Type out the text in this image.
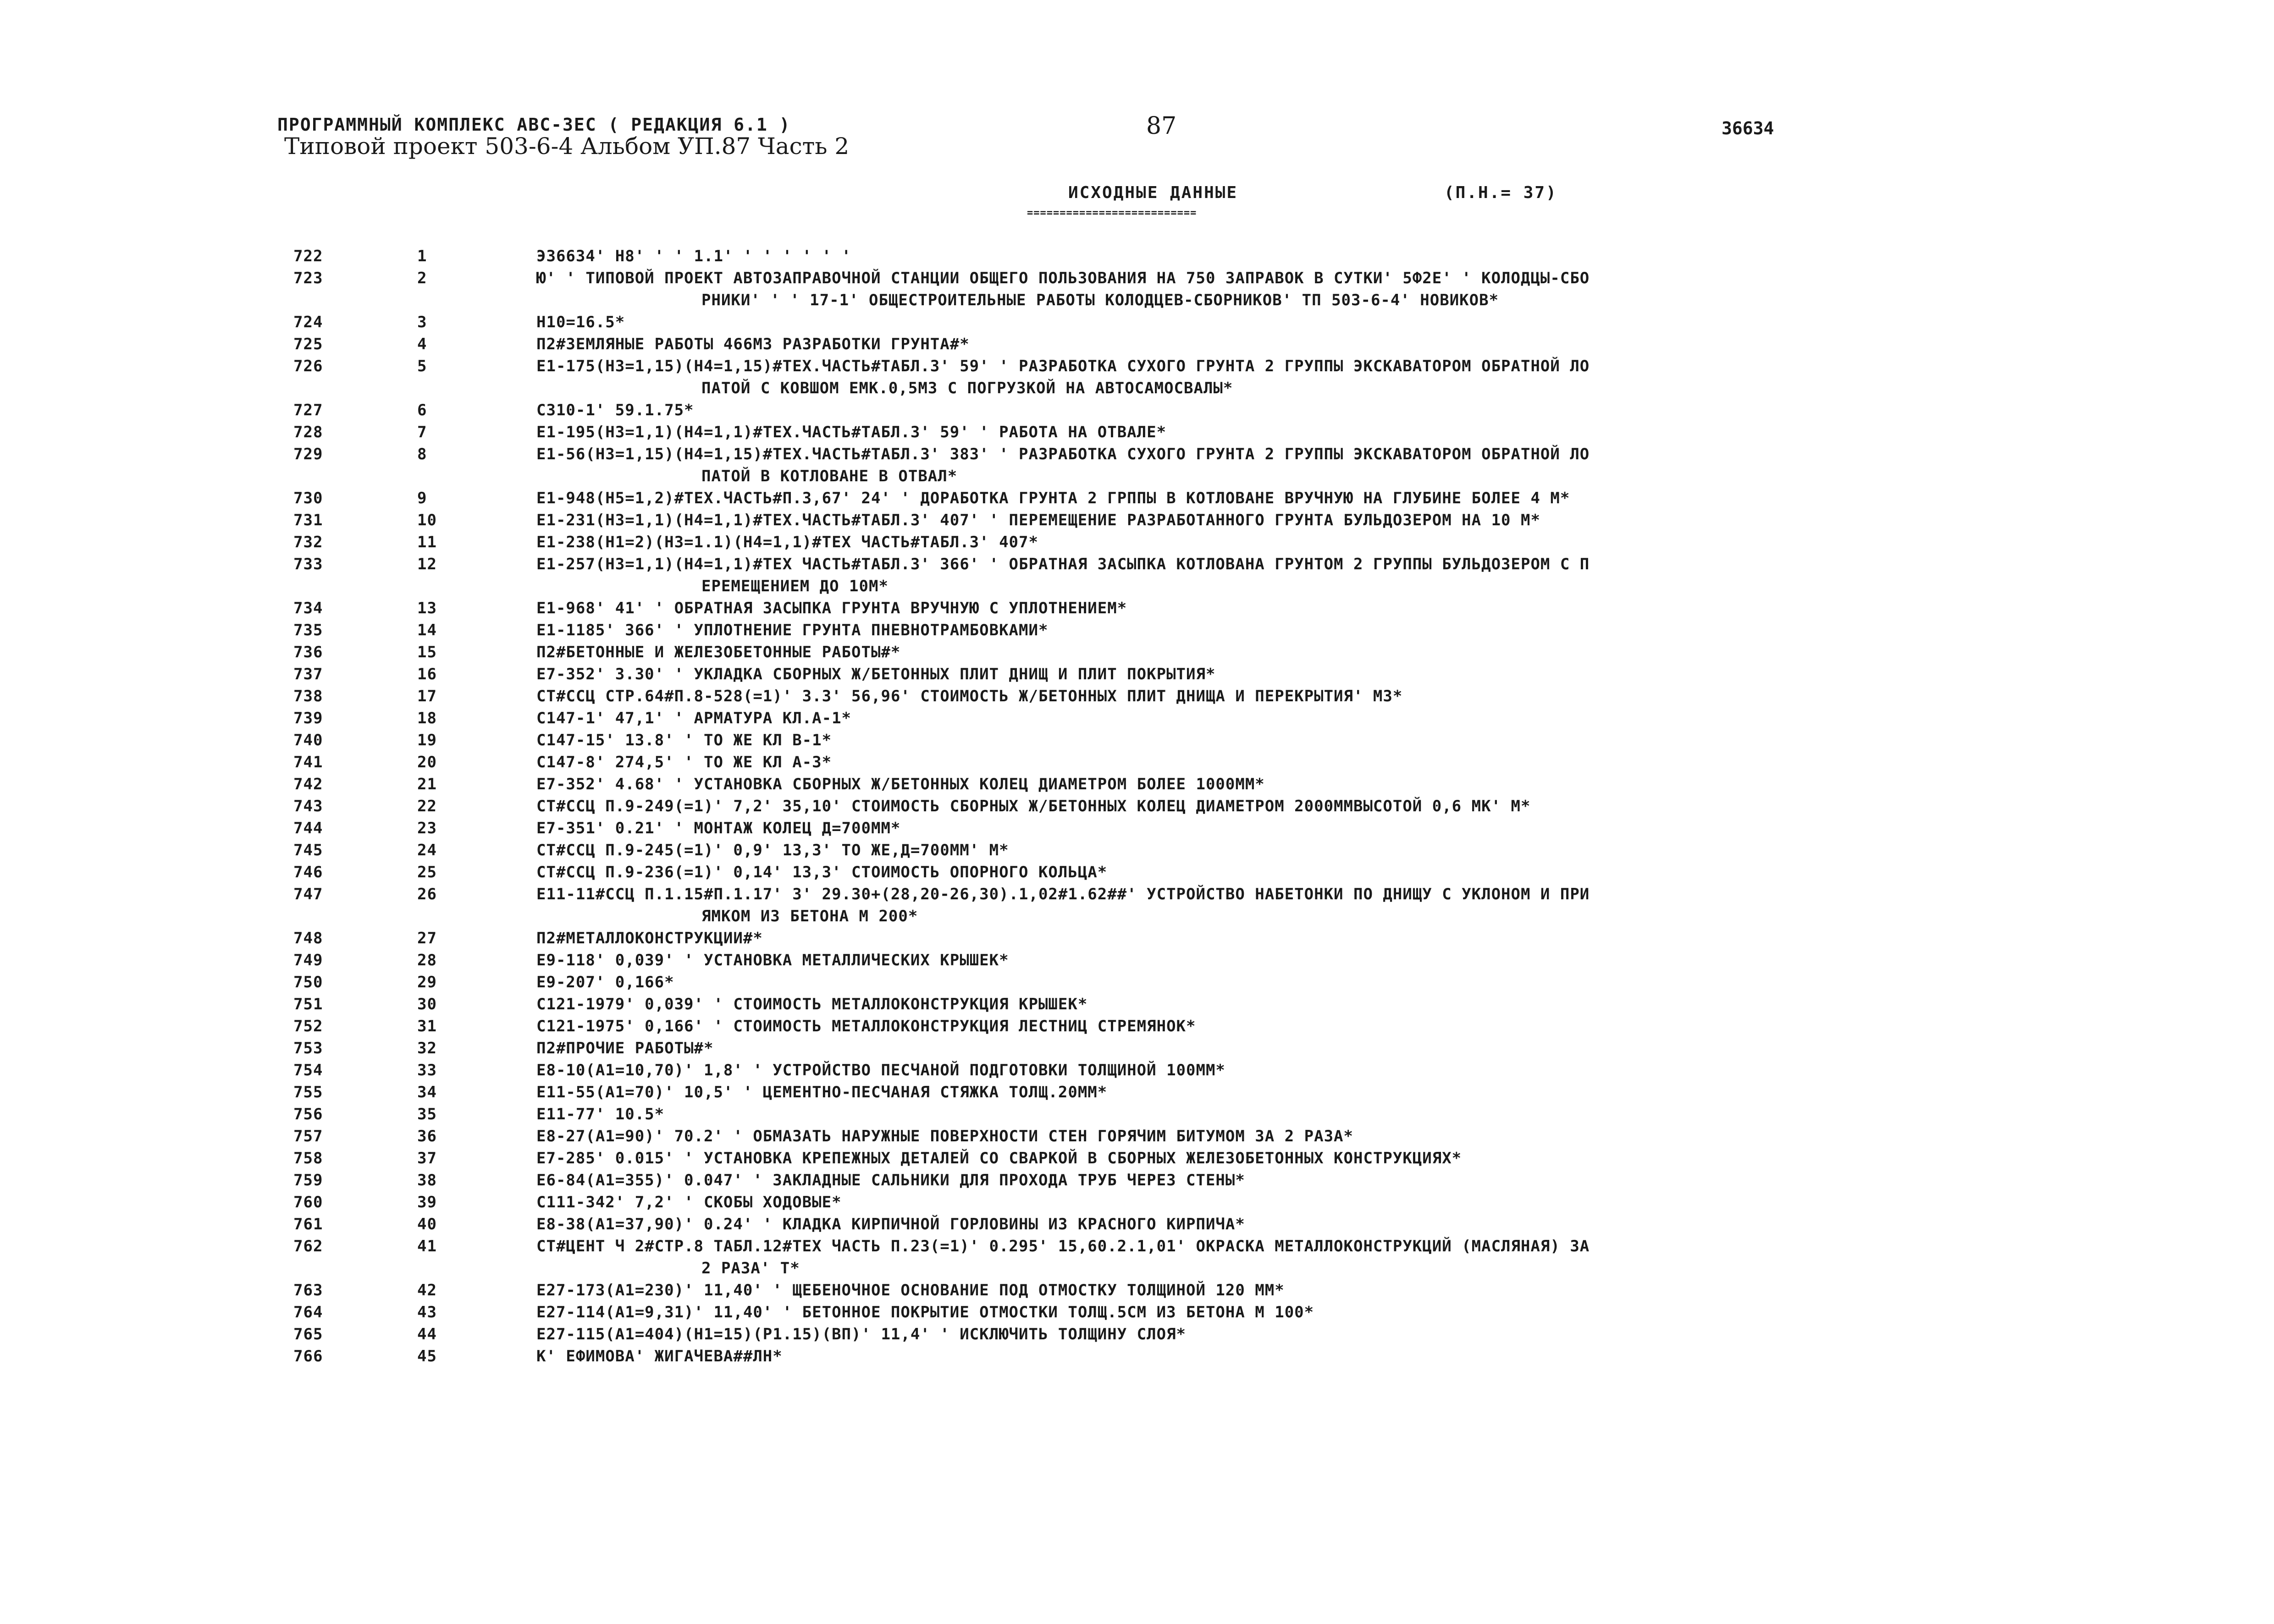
ПРОГРАММНЫЙ КОМПЛЕКС АВС-3ЕС ( РЕДАКЦИЯ 6.1 )
Типовой проект 503-6-4 Альбом УП.87 Часть 2
87	36634
ИСХОДНЫЕ ДАННЫЕ
==========================
(П.Н.= 37)
722	1	Э36634' Н8' ' ' 1.1' ' ' ' ' ' '
723	2	Ю' ' ТИПОВОЙ ПРОЕКТ АВТОЗАПРАВОЧНОЙ СТАНЦИИ ОБЩЕГО ПОЛЬЗОВАНИЯ НА 750 ЗАПРАВОК В СУТКИ' 5Ф2Е' ' КОЛОДЦЫ-СБО
РНИКИ' ' ' 17-1' ОБЩЕСТРОИТЕЛЬНЫЕ РАБОТЫ КОЛОДЦЕВ-СБОРНИКОВ' ТП 503-6-4' НОВИКОВ*
724	3	Н10=16.5*
725	4	П2#ЗЕМЛЯНЫЕ РАБОТЫ 466М3 РАЗРАБОТКИ ГРУНТА#*
726	5	Е1-175(Н3=1,15)(Н4=1,15)#ТЕХ.ЧАСТЬ#ТАБЛ.3' 59' ' РАЗРАБОТКА СУХОГО ГРУНТА 2 ГРУППЫ ЭКСКАВАТОРОМ ОБРАТНОЙ ЛО
ПАТОЙ С КОВШОМ ЕМК.0,5М3 С ПОГРУЗКОЙ НА АВТОСАМОСВАЛЫ*
727	6	С310-1' 59.1.75*
728	7	Е1-195(Н3=1,1)(Н4=1,1)#ТЕХ.ЧАСТЬ#ТАБЛ.3' 59' ' РАБОТА НА ОТВАЛЕ*
729	8	Е1-56(Н3=1,15)(Н4=1,15)#ТЕХ.ЧАСТЬ#ТАБЛ.3' 383' ' РАЗРАБОТКА СУХОГО ГРУНТА 2 ГРУППЫ ЭКСКАВАТОРОМ ОБРАТНОЙ ЛО
ПАТОЙ В КОТЛОВАНЕ В ОТВАЛ*
730	9	Е1-948(Н5=1,2)#ТЕХ.ЧАСТЬ#П.3,67' 24' ' ДОРАБОТКА ГРУНТА 2 ГРППЫ В КОТЛОВАНЕ ВРУЧНУЮ НА ГЛУБИНЕ БОЛЕЕ 4 М*
731	10	Е1-231(Н3=1,1)(Н4=1,1)#ТЕХ.ЧАСТЬ#ТАБЛ.3' 407' ' ПЕРЕМЕЩЕНИЕ РАЗРАБОТАННОГО ГРУНТА БУЛЬДОЗЕРОМ НА 10 М*
732	11	Е1-238(Н1=2)(Н3=1.1)(Н4=1,1)#ТЕХ ЧАСТЬ#ТАБЛ.3' 407*
733	12	Е1-257(Н3=1,1)(Н4=1,1)#ТЕХ ЧАСТЬ#ТАБЛ.3' 366' ' ОБРАТНАЯ ЗАСЫПКА КОТЛОВАНА ГРУНТОМ 2 ГРУППЫ БУЛЬДОЗЕРОМ С П
ЕРЕМЕЩЕНИЕМ ДО 10М*
734	13	Е1-968' 41' ' ОБРАТНАЯ ЗАСЫПКА ГРУНТА ВРУЧНУЮ С УПЛОТНЕНИЕМ*
735	14	Е1-1185' 366' ' УПЛОТНЕНИЕ ГРУНТА ПНЕВНОТРАМБОВКАМИ*
736	15	П2#БЕТОННЫЕ И ЖЕЛЕЗОБЕТОННЫЕ РАБОТЫ#*
737	16	Е7-352' 3.30' ' УКЛАДКА СБОРНЫХ Ж/БЕТОННЫХ ПЛИТ ДНИЩ И ПЛИТ ПОКРЫТИЯ*
738	17	СТ#ССЦ СТР.64#П.8-528(=1)' 3.3' 56,96' СТОИМОСТЬ Ж/БЕТОННЫХ ПЛИТ ДНИЩА И ПЕРЕКРЫТИЯ' М3*
739	18	С147-1' 47,1' ' АРМАТУРА КЛ.А-1*
740	19	С147-15' 13.8' ' ТО ЖЕ КЛ В-1*
741	20	С147-8' 274,5' ' ТО ЖЕ КЛ А-3*
742	21	Е7-352' 4.68' ' УСТАНОВКА СБОРНЫХ Ж/БЕТОННЫХ КОЛЕЦ ДИАМЕТРОМ БОЛЕЕ 1000ММ*
743	22	СТ#ССЦ П.9-249(=1)' 7,2' 35,10' СТОИМОСТЬ СБОРНЫХ Ж/БЕТОННЫХ КОЛЕЦ ДИАМЕТРОМ 2000ММВЫСОТОЙ 0,6 МК' М*
744	23	Е7-351' 0.21' ' МОНТАЖ КОЛЕЦ Д=700ММ*
745	24	СТ#ССЦ П.9-245(=1)' 0,9' 13,3' ТО ЖЕ,Д=700ММ' М*
746	25	СТ#ССЦ П.9-236(=1)' 0,14' 13,3' СТОИМОСТЬ ОПОРНОГО КОЛЬЦА*
747	26	Е11-11#ССЦ П.1.15#П.1.17' 3' 29.30+(28,20-26,30).1,02#1.62##' УСТРОЙСТВО НАБЕТОНКИ ПО ДНИЩУ С УКЛОНОМ И ПРИ
ЯМКОМ ИЗ БЕТОНА М 200*
748	27	П2#МЕТАЛЛОКОНСТРУКЦИИ#*
749	28	Е9-118' 0,039' ' УСТАНОВКА МЕТАЛЛИЧЕСКИХ КРЫШЕК*
750	29	Е9-207' 0,166*
751	30	С121-1979' 0,039' ' СТОИМОСТЬ МЕТАЛЛОКОНСТРУКЦИЯ КРЫШЕК*
752	31	С121-1975' 0,166' ' СТОИМОСТЬ МЕТАЛЛОКОНСТРУКЦИЯ ЛЕСТНИЦ СТРЕМЯНОК*
753	32	П2#ПРОЧИЕ РАБОТЫ#*
754	33	Е8-10(А1=10,70)' 1,8' ' УСТРОЙСТВО ПЕСЧАНОЙ ПОДГОТОВКИ ТОЛЩИНОЙ 100ММ*
755	34	Е11-55(А1=70)' 10,5' ' ЦЕМЕНТНО-ПЕСЧАНАЯ СТЯЖКА ТОЛЩ.20ММ*
756	35	Е11-77' 10.5*
757	36	Е8-27(А1=90)' 70.2' ' ОБМАЗАТЬ НАРУЖНЫЕ ПОВЕРХНОСТИ СТЕН ГОРЯЧИМ БИТУМОМ ЗА 2 РАЗА*
758	37	Е7-285' 0.015' ' УСТАНОВКА КРЕПЕЖНЫХ ДЕТАЛЕЙ СО СВАРКОЙ В СБОРНЫХ ЖЕЛЕЗОБЕТОННЫХ КОНСТРУКЦИЯХ*
759	38	Е6-84(А1=355)' 0.047' ' ЗАКЛАДНЫЕ САЛЬНИКИ ДЛЯ ПРОХОДА ТРУБ ЧЕРЕЗ СТЕНЫ*
760	39	С111-342' 7,2' ' СКОБЫ ХОДОВЫЕ*
761	40	Е8-38(А1=37,90)' 0.24' ' КЛАДКА КИРПИЧНОЙ ГОРЛОВИНЫ ИЗ КРАСНОГО КИРПИЧА*
762	41	СТ#ЦЕНТ Ч 2#СТР.8 ТАБЛ.12#ТЕХ ЧАСТЬ П.23(=1)' 0.295' 15,60.2.1,01' ОКРАСКА МЕТАЛЛОКОНСТРУКЦИЙ (МАСЛЯНАЯ) ЗА
2 РАЗА' Т*
763	42	Е27-173(А1=230)' 11,40' ' ЩЕБЕНОЧНОЕ ОСНОВАНИЕ ПОД ОТМОСТКУ ТОЛЩИНОЙ 120 ММ*
764	43	Е27-114(А1=9,31)' 11,40' ' БЕТОННОЕ ПОКРЫТИЕ ОТМОСТКИ ТОЛЩ.5СМ ИЗ БЕТОНА М 100*
765	44	Е27-115(А1=404)(Н1=15)(Р1.15)(ВП)' 11,4' ' ИСКЛЮЧИТЬ ТОЛЩИНУ СЛОЯ*
766	45	К' ЕФИМОВА' ЖИГАЧЕВА##ЛН*
